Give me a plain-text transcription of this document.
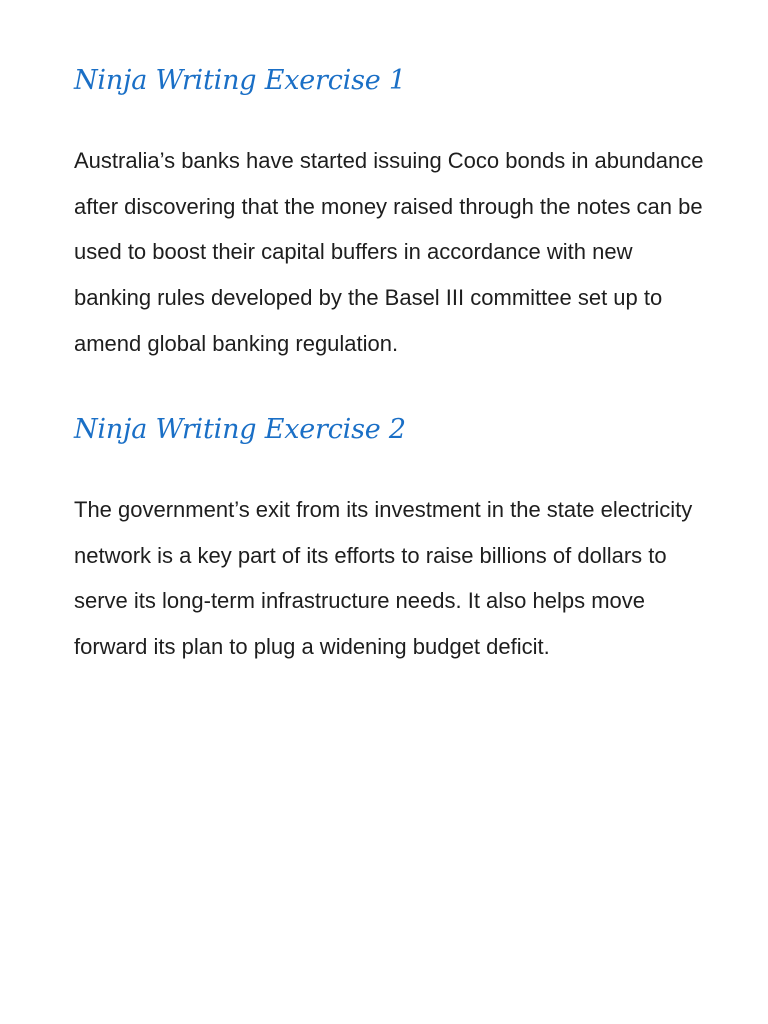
Ninja Writing Exercise 1

Australia’s banks have started issuing Coco bonds in abundance after discovering that the money raised through the notes can be used to boost their capital buffers in accordance with new banking rules developed by the Basel III committee set up to amend global banking regulation.

Ninja Writing Exercise 2

The government’s exit from its investment in the state electricity network is a key part of its efforts to raise billions of dollars to serve its long-term infrastructure needs. It also helps move forward its plan to plug a widening budget deficit.
